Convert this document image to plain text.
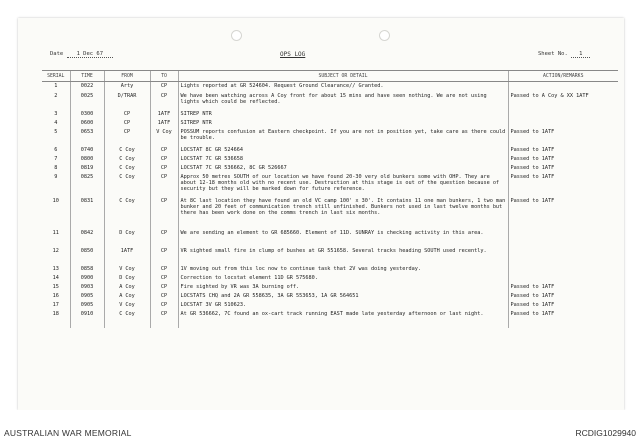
Date 1 Dec 67	OPS LOG	Sheet No. 1
SERIAL	TIME	FROM	TO	SUBJECT OR DETAIL	ACTION/REMARKS
1	0022	Arty	CP	Lights reported at GR 524604. Request Ground Clearance// Granted.	
2	0025	D/TRAR	CP	We have been watching across A Coy front for about 15 mins and have seen nothing. We are not using lights which could be reflected.	Passed to A Coy & XX 1ATF
3	0300	CP	1ATF	SITREP NTR	
4	0600	CP	1ATF	SITREP NTR	
5	0653	CP	V Coy	POSSUM reports confusion at Eastern checkpoint. If you are not in position yet, take care as there could be trouble.	Passed to 1ATF
6	0740	C Coy	CP	LOCSTAT 8C GR 524664	Passed to 1ATF
7	0800	C Coy	CP	LOCSTAT 7C GR 536658	Passed to 1ATF
8	0819	C Coy	CP	LOCSTAT 7C GR 536662, 8C GR 526667	Passed to 1ATF
9	0825	C Coy	CP	Approx 50 metres SOUTH of our location we have found 20-30 very old bunkers some with OHP. They are about 12-18 months old with no recent use. Destruction at this stage is out of the question because of security but they will be marked down for future reference.	Passed to 1ATF
10	0831	C Coy	CP	At 8C last location they have found an old VC camp 100' x 30'. It contains 11 one man bunkers, 1 two man bunker and 20 feet of communication trench still unfinished. Bunkers not used in last twelve months but there has been work done on the comms trench in last six months.	Passed to 1ATF
11	0842	D Coy	CP	We are sending an element to GR 685660. Element of 11D. SUNRAY is checking activity in this area.	
12	0850	1ATF	CP	VR sighted small fire in clump of bushes at GR 551658. Several tracks heading SOUTH used recently.	
13	0858	V Coy	CP	1V moving out from this loc now to continue task that 2V was doing yesterday.	
14	0900	D Coy	CP	Correction to locstat element 11D GR 575680.	
15	0903	A Coy	CP	Fire sighted by VR was 3A burning off.	Passed to 1ATF
16	0905	A Coy	CP	LOCSTATS CHQ and 2A GR 558635, 3A GR 553653, 1A GR 564651	Passed to 1ATF
17	0905	V Coy	CP	LOCSTAT 3V GR 510623.	Passed to 1ATF
18	0910	C Coy	CP	At GR 536662, 7C found an ox-cart track running EAST made late yesterday afternoon or last night.	Passed to 1ATF
AUSTRALIAN WAR MEMORIAL	RCDIG1029940
